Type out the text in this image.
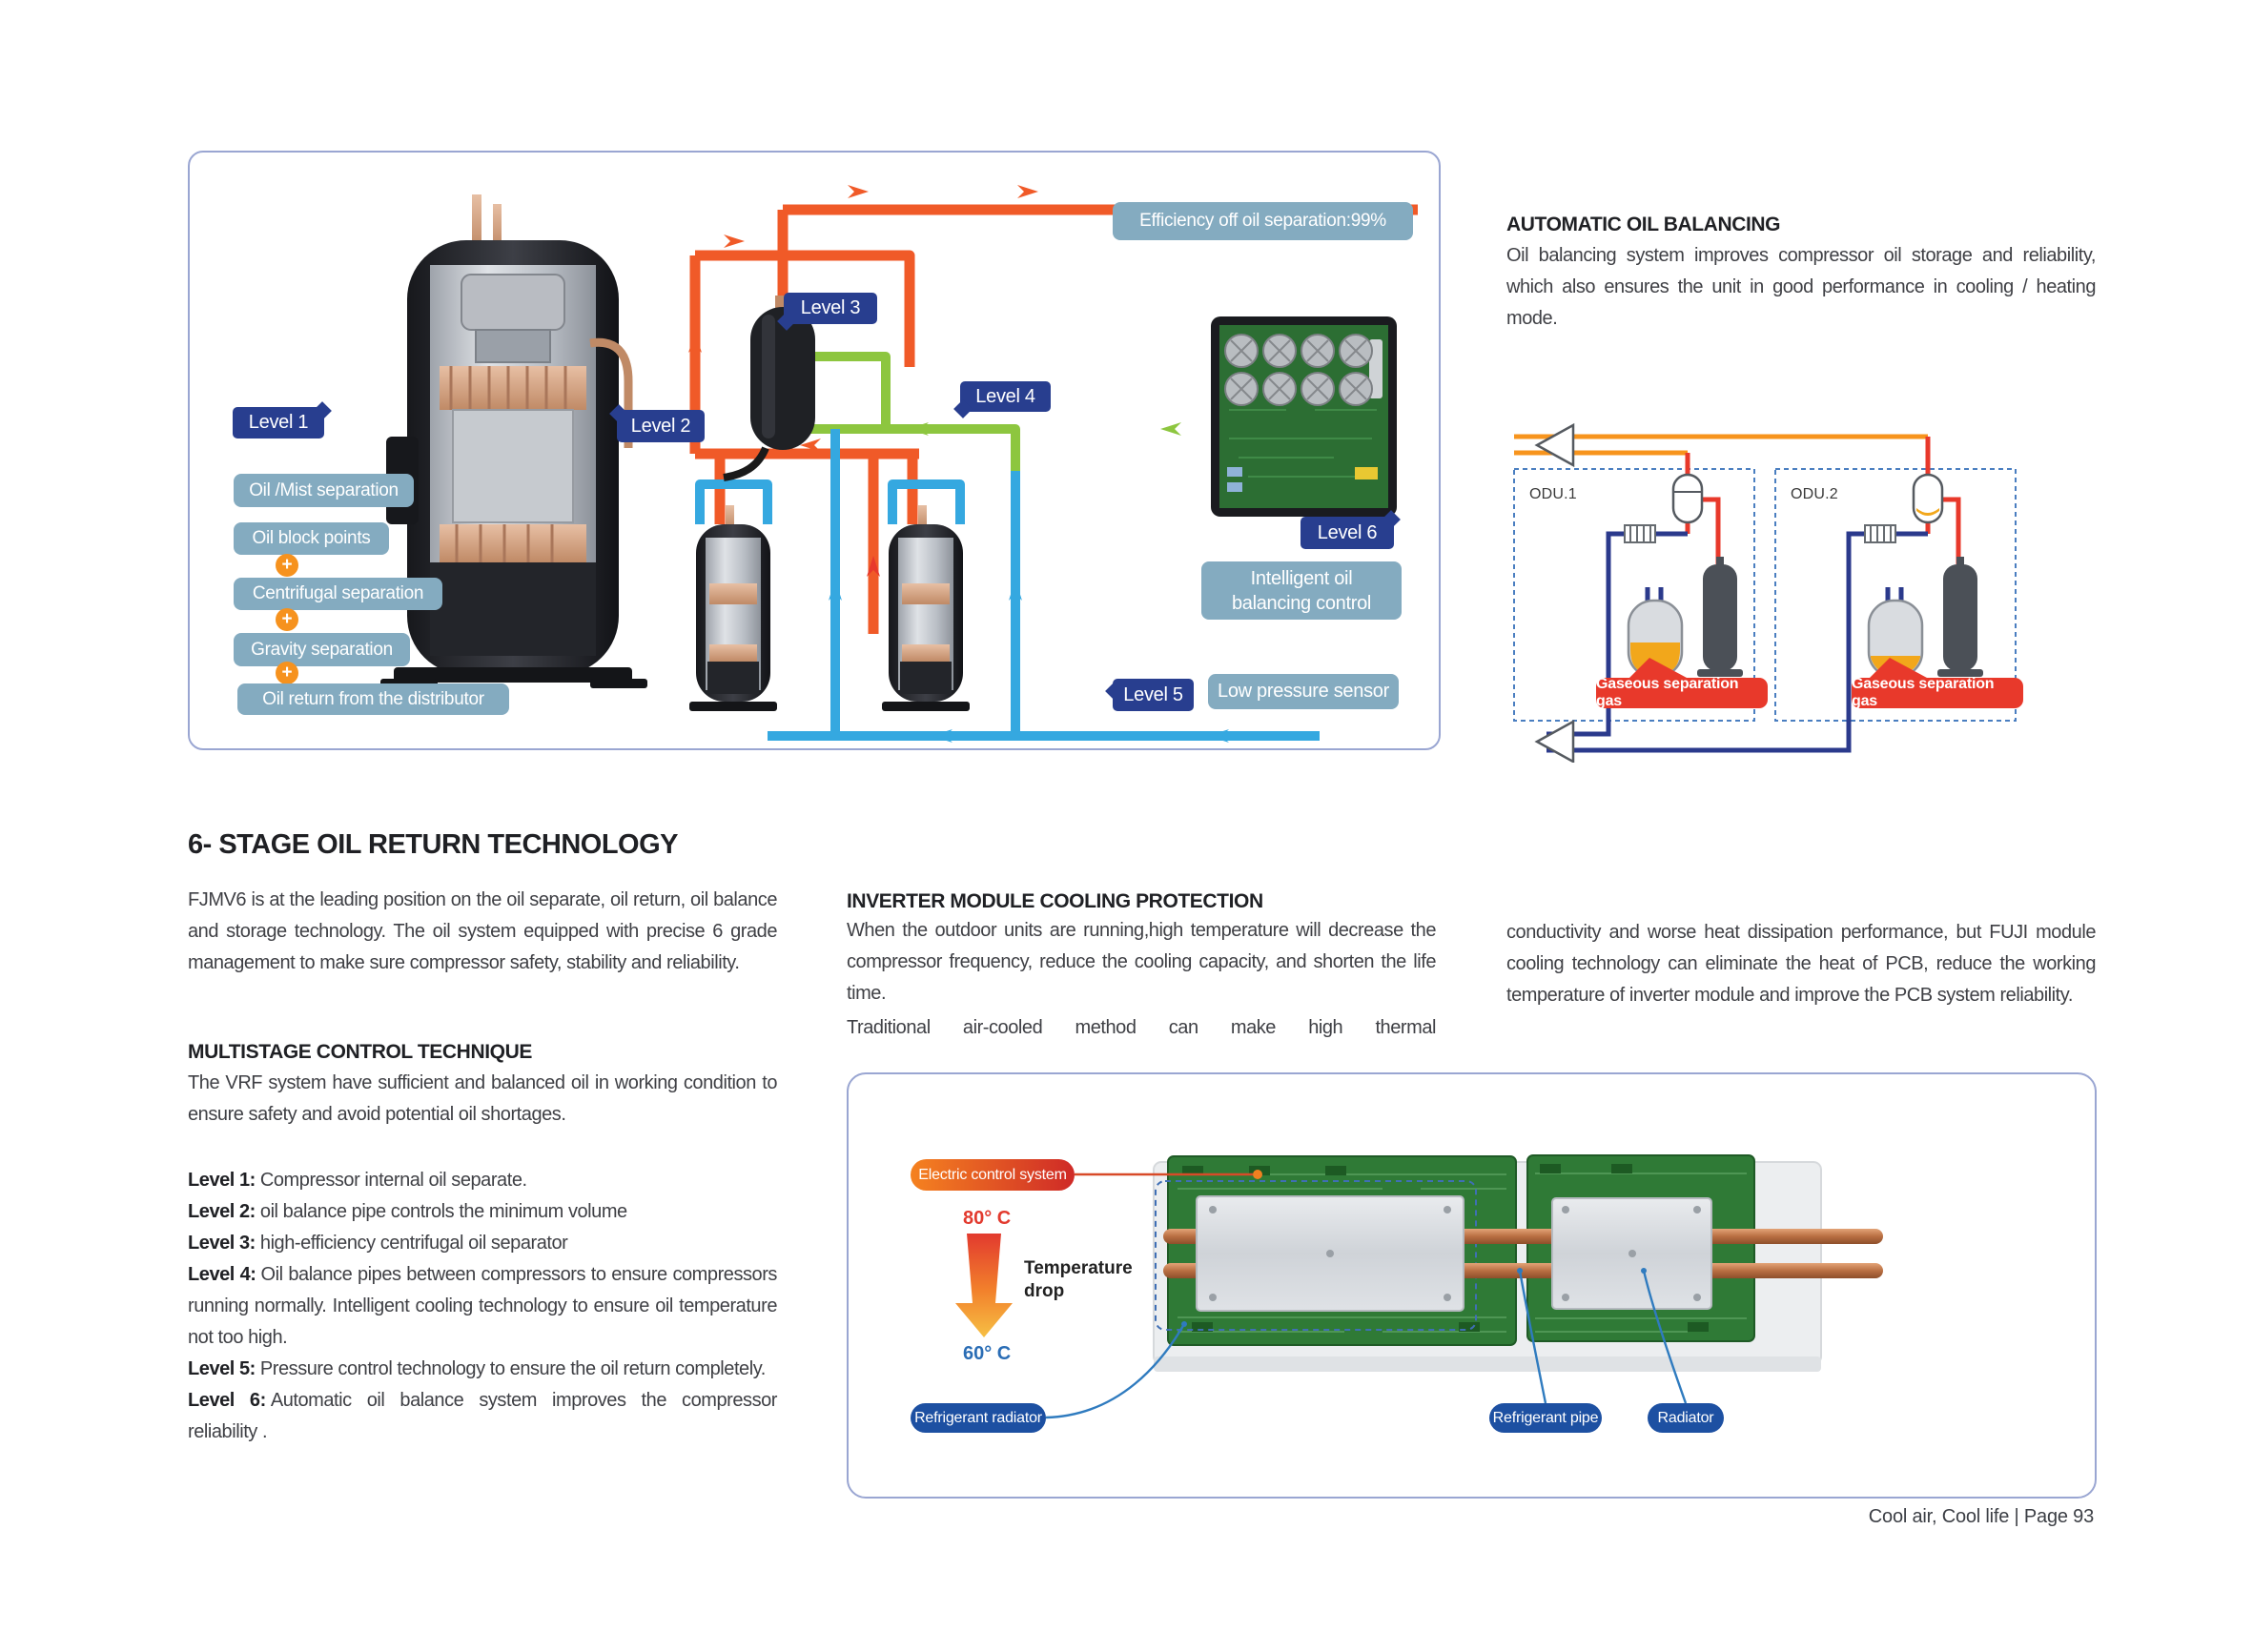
Efficiency off oil separation:99%
Level 1	Level 2
Level 3
Level 4
Level 5
Level 6
Oil /Mist separation
Oil block points
+
Centrifugal separation
+
Gravity separation
+
Oil return from the distributor
Intelligent oil balancing control
Low pressure sensor
AUTOMATIC OIL BALANCING
Oil balancing system improves compressor oil storage and reliability, which also ensures the unit in good performance in cooling / heating mode.
ODU.1	ODU.2
Gaseous separation gas
Gaseous separation gas
6- STAGE OIL RETURN TECHNOLOGY
FJMV6 is at the leading position on the oil separate, oil return, oil balance and storage technology. The oil system equipped with precise 6 grade management to make sure compressor safety, stability and reliability.
MULTISTAGE CONTROL TECHNIQUE
The VRF system have sufficient and balanced oil in working condition to ensure safety and avoid potential oil shortages.
Level 1: Compressor internal oil separate.
Level 2: oil balance pipe controls the minimum volume
Level 3: high-efficiency centrifugal oil separator
Level 4: Oil balance pipes between compressors to ensure compressors running normally. Intelligent cooling technology to ensure oil temperature not too high.
Level 5: Pressure control technology to ensure the oil return completely.
Level 6: Automatic oil balance system improves the compressor reliability .
INVERTER MODULE COOLING PROTECTION
When the outdoor units are running,high temperature will decrease the compressor frequency, reduce the cooling capacity, and shorten the life time.
Traditional air-cooled method can make high thermal
conductivity and worse heat dissipation performance, but FUJI module cooling technology can eliminate the heat of PCB, reduce the working temperature of inverter module and improve the PCB system reliability.
Electric control system
80° C
Temperature drop
60° C
Refrigerant radiator	Refrigerant pipe	Radiator
Cool air, Cool life | Page 93
